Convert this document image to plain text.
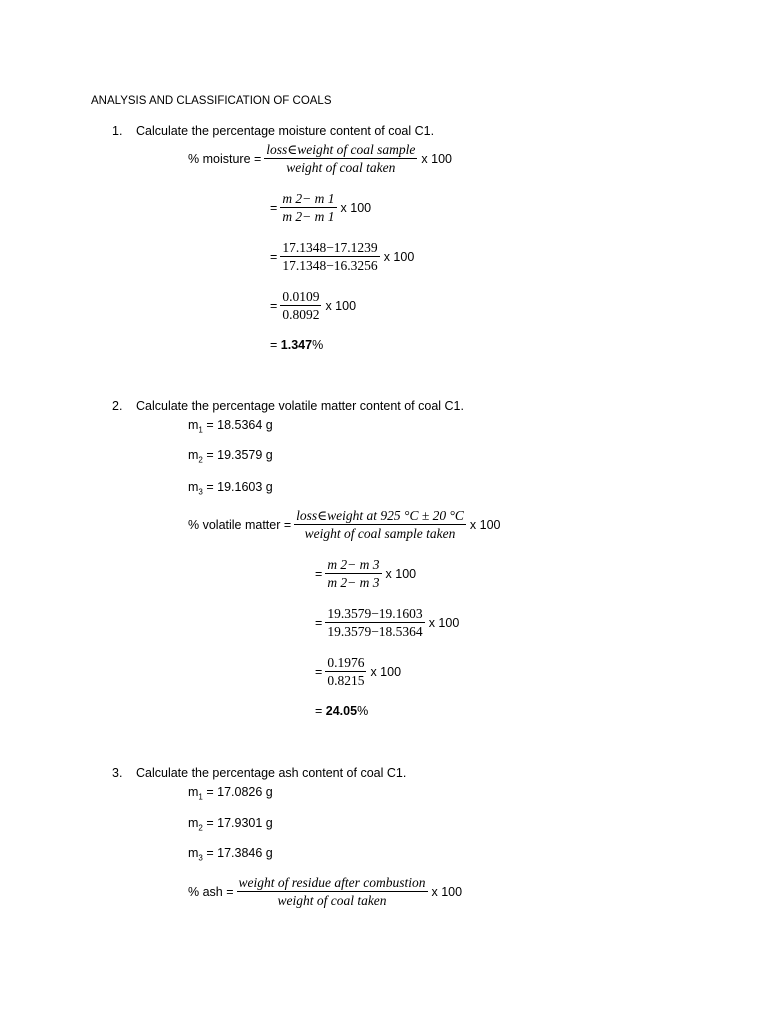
ANALYSIS AND CLASSIFICATION OF COALS
1. Calculate the percentage moisture content of coal C1.
% moisture = $\frac{\text{loss∈weight of coal sample}}{\text{weight of coal taken}}$ x 100
= $\frac{m 2- m 1}{m 2- m 1}$ x 100
= $\frac{17.1348-17.1239}{17.1348-16.3256}$ x 100
= $\frac{0.0109}{0.8092}$ x 100
= 1.347%
2. Calculate the percentage volatile matter content of coal C1.
$m_1 = 18.5364$ g
$m_2 = 19.3579$ g
$m_3 = 19.1603$ g
% volatile matter = $\frac{\text{loss∈weight at 925 °C ± 20 °C}}{\text{weight of coal sample taken}}$ x 100
= $\frac{m 2- m 3}{m 2- m 3}$ x 100
= $\frac{19.3579-19.1603}{19.3579-18.5364}$ x 100
= $\frac{0.1976}{0.8215}$ x 100
= 24.05%
3. Calculate the percentage ash content of coal C1.
$m_1 = 17.0826$ g
$m_2 = 17.9301$ g
$m_3 = 17.3846$ g
% ash = $\frac{\text{weight of residue after combustion}}{\text{weight of coal taken}}$ x 100
